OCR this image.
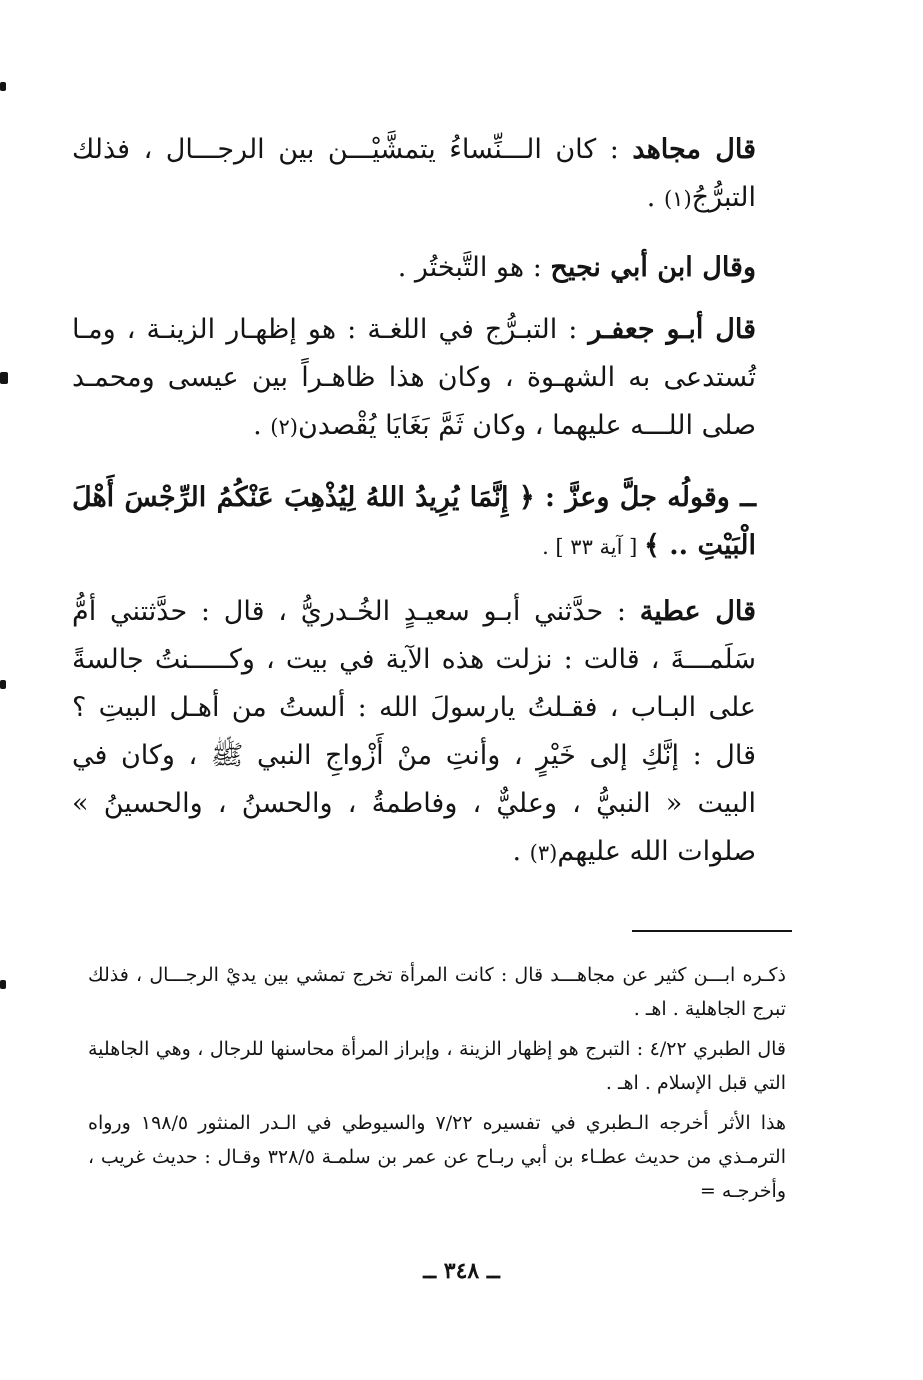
قال مجاهد : كان الـــنِّساءُ يتمشَّيْـــن بين الرجـــال ، فذلك التبرُّجُ(١) .

وقال ابن أبي نجيح : هو التَّبختُر .

قال أبـو جعفـر : التبـرُّج في اللغـة : هو إظهـار الزينـة ، ومـا تُستدعى به الشهـوة ، وكان هذا ظاهـراً بين عيسى ومحمـد صلى اللـــه عليهما ، وكان ثَمَّ بَغَايَا يُقْصدن(٢) .

ــ وقولُه جلَّ وعزَّ : ﴿ إِنَّمَا يُرِيدُ اللهُ لِيُذْهِبَ عَنْكُمُ الرِّجْسَ أَهْلَ الْبَيْتِ .. ﴾ [ آية ٣٣ ] .

قال عطية : حدَّثني أبـو سعيـدٍ الخُـدريُّ ، قال : حدَّثتني أمُّ سَلَمـــةَ ، قالت : نزلت هذه الآية في بيت ، وكـــــنتُ جالسةً على البـاب ، فقـلتُ يارسولَ الله : ألستُ من أهـل البيتِ ؟ قال : إنَّكِ إلى خَيْرٍ ، وأنتِ منْ أَزْواجِ النبي ﷺ ، وكان في البيت « النبيُّ ، وعليٌّ ، وفاطمةُ ، والحسنُ ، والحسينُ » صلوات الله عليهم(٣) .

ذكـره ابـــن كثير عن مجاهـــد قال : كانت المرأة تخرج تمشي بين يديْ الرجـــال ، فذلك تبرج الجاهلية . اهـ .

قال الطبري ٤/٢٢ : التبرج هو إظهار الزينة ، وإبراز المرأة محاسنها للرجال ، وهي الجاهلية التي قبل الإسلام . اهـ .

هذا الأثر أخرجه الـطبري في تفسيره ٧/٢٢ والسيوطي في الـدر المنثور ١٩٨/٥ ورواه الترمـذي من حديث عطـاء بن أبي ربـاح عن عمر بن سلمـة ٣٢٨/٥ وقـال : حديث غريب ، وأخرجـه =

ــ ٣٤٨ ــ
